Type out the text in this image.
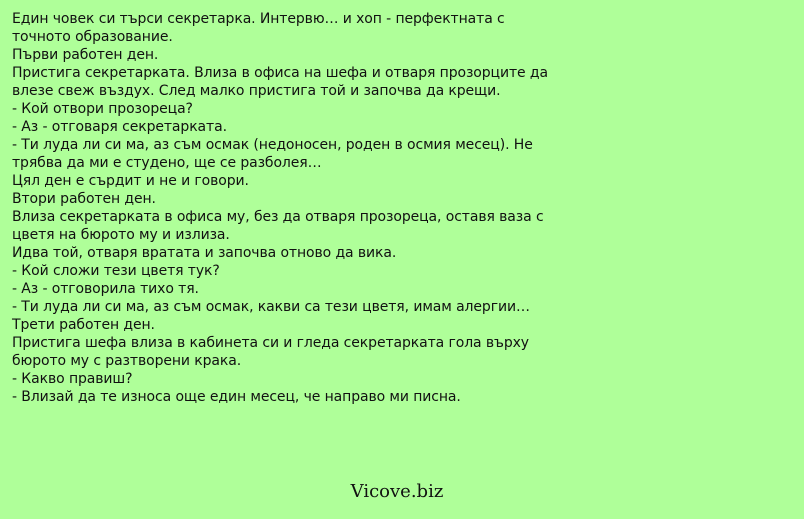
Един човек си търси секретарка. Интервю… и хоп - перфектната с
точното образование.
Първи работен ден.
Пристига секретарката. Влиза в офиса на шефа и отваря прозорците да
влезе свеж въздух. След малко пристига той и започва да крещи.
- Кой отвори прозореца?
- Аз - отговаря секретарката.
- Ти луда ли си ма, аз съм осмак (недоносен, роден в осмия месец). Не
трябва да ми е студено, ще се разболея…
Цял ден е сърдит и не и говори.
Втори работен ден.
Влиза секретарката в офиса му, без да отваря прозореца, оставя ваза с
цветя на бюрото му и излиза.
Идва той, отваря вратата и започва отново да вика.
- Кой сложи тези цветя тук?
- Аз - отговорила тихо тя.
- Ти луда ли си ма, аз съм осмак, какви са тези цветя, имам алергии…
Трети работен ден.
Пристига шефа влиза в кабинета си и гледа секретарката гола върху
бюрото му с разтворени крака.
- Какво правиш?
- Влизай да те износа още един месец, че направо ми писна.
Vicove.biz
